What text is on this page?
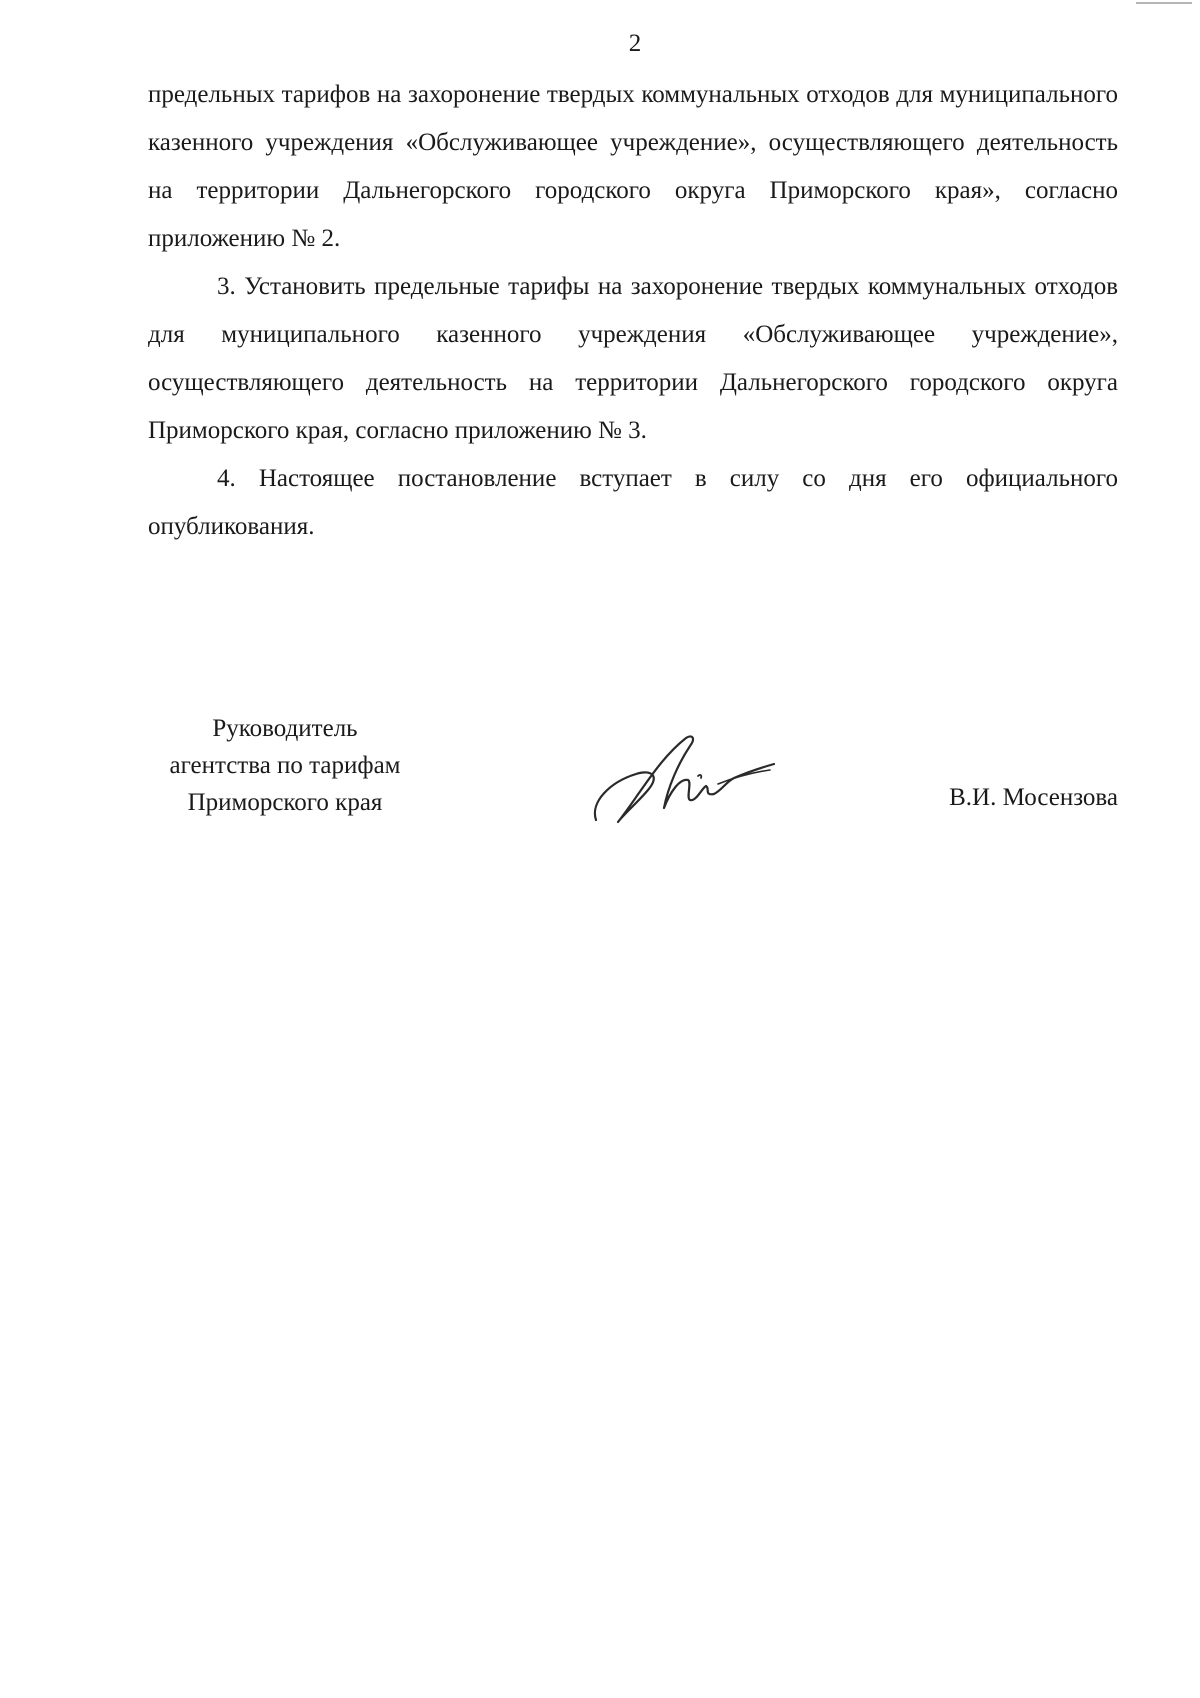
2

предельных тарифов на захоронение твердых коммунальных отходов для муниципального казенного учреждения «Обслуживающее учреждение», осуществляющего деятельность на территории Дальнегорского городского округа Приморского края», согласно приложению № 2.

3. Установить предельные тарифы на захоронение твердых коммунальных отходов для муниципального казенного учреждения «Обслуживающее учреждение», осуществляющего деятельность на территории Дальнегорского городского округа Приморского края, согласно приложению № 3.

4. Настоящее постановление вступает в силу со дня его официального опубликования.

Руководитель
агентства по тарифам
Приморского края	В.И. Мосензова
